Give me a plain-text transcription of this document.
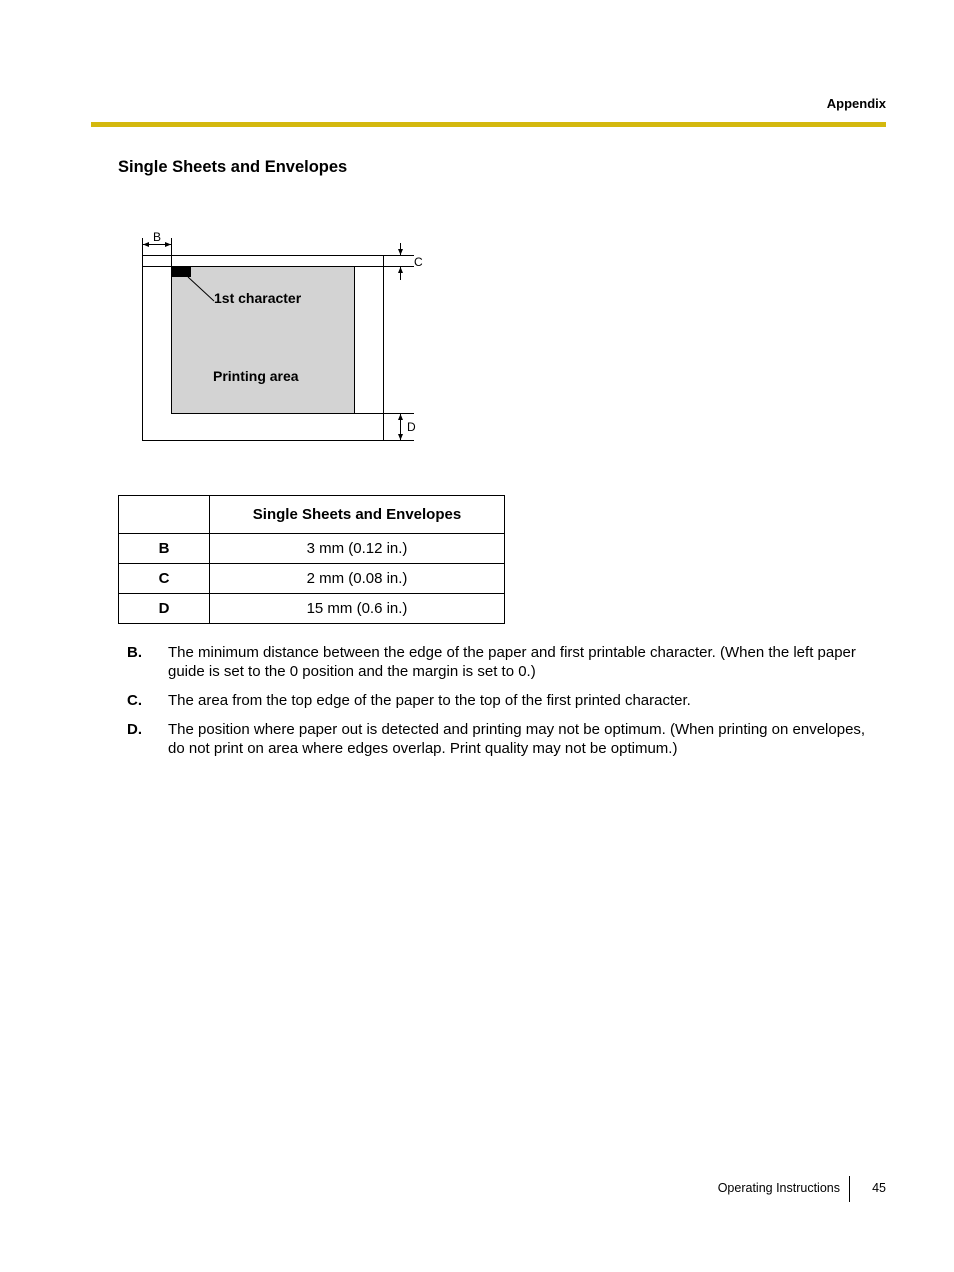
Appendix
Single Sheets and Envelopes
B
C
D
1st character
Printing area
	Single Sheets and Envelopes
B	3 mm (0.12 in.)
C	2 mm (0.08 in.)
D	15 mm (0.6 in.)
B. The minimum distance between the edge of the paper and first printable character. (When the left paper guide is set to the 0 position and the margin is set to 0.)
C. The area from the top edge of the paper to the top of the first printed character.
D. The position where paper out is detected and printing may not be optimum. (When printing on envelopes, do not print on area where edges overlap. Print quality may not be optimum.)
Operating Instructions	45
